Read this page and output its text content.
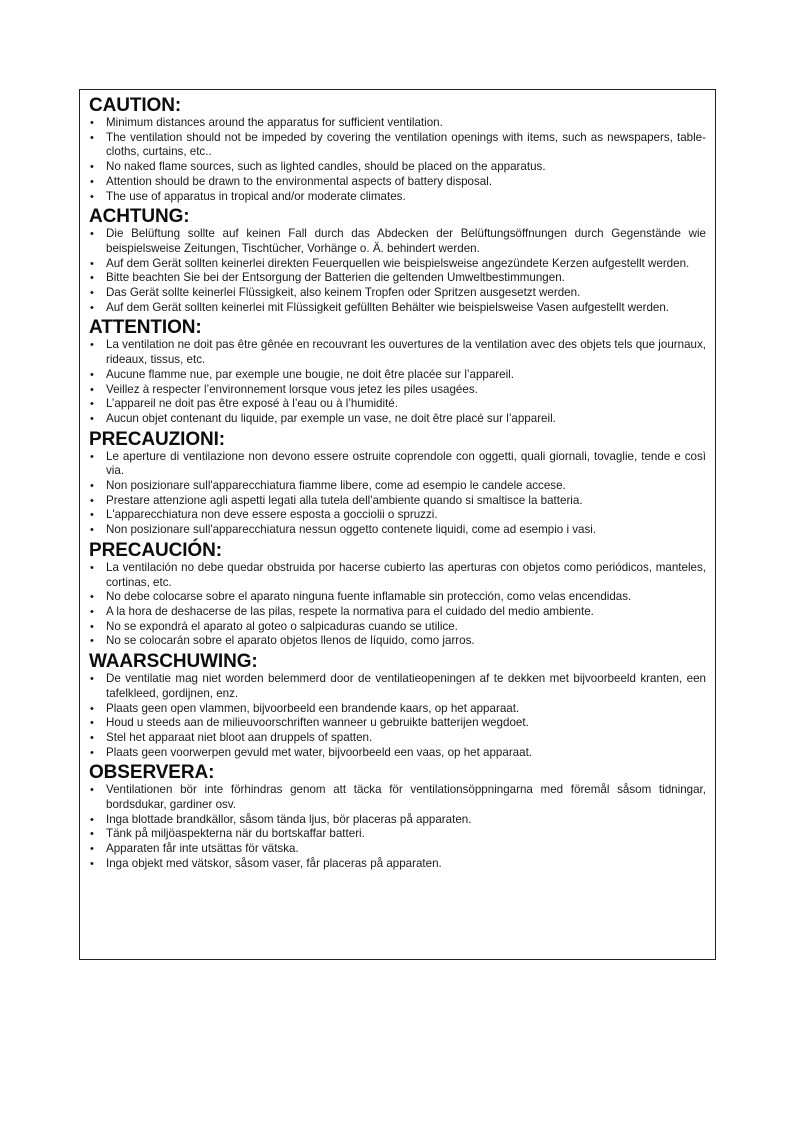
CAUTION:
•	Minimum distances around the apparatus for sufficient ventilation.
•	The ventilation should not be impeded by covering the ventilation openings with items, such as newspapers, table-cloths, curtains, etc..
•	No naked flame sources, such as lighted candles, should be placed on the apparatus.
•	Attention should be drawn to the environmental aspects of battery disposal.
•	The use of apparatus in tropical and/or moderate climates.
ACHTUNG:
•	Die Belüftung sollte auf keinen Fall durch das Abdecken der Belüftungsöffnungen durch Gegenstände wie beispielsweise Zeitungen, Tischtücher, Vorhänge o. Ä. behindert werden.
•	Auf dem Gerät sollten keinerlei direkten Feuerquellen wie beispielsweise angezündete Kerzen aufgestellt werden.
•	Bitte beachten Sie bei der Entsorgung der Batterien die geltenden Umweltbestimmungen.
•	Das Gerät sollte keinerlei Flüssigkeit, also keinem Tropfen oder Spritzen ausgesetzt werden.
•	Auf dem Gerät sollten keinerlei mit Flüssigkeit gefüllten Behälter wie beispielsweise Vasen aufgestellt werden.
ATTENTION:
•	La ventilation ne doit pas être gênée en recouvrant les ouvertures de la ventilation avec des objets tels que journaux, rideaux, tissus, etc.
•	Aucune flamme nue, par exemple une bougie, ne doit être placée sur l’appareil.
•	Veillez à respecter l’environnement lorsque vous jetez les piles usagées.
•	L’appareil ne doit pas être exposé à l’eau ou à l’humidité.
•	Aucun objet contenant du liquide, par exemple un vase, ne doit être placé sur l’appareil.
PRECAUZIONI:
•	Le aperture di ventilazione non devono essere ostruite coprendole con oggetti, quali giornali, tovaglie, tende e così via.
•	Non posizionare sull'apparecchiatura fiamme libere, come ad esempio le candele accese.
•	Prestare attenzione agli aspetti legati alla tutela dell'ambiente quando si smaltisce la batteria.
•	L'apparecchiatura non deve essere esposta a gocciolii o spruzzi.
•	Non posizionare sull'apparecchiatura nessun oggetto contenete liquidi, come ad esempio i vasi.
PRECAUCIÓN:
•	La ventilación no debe quedar obstruida por hacerse cubierto las aperturas con objetos como periódicos, manteles, cortinas, etc.
•	No debe colocarse sobre el aparato ninguna fuente inflamable sin protección, como velas encendidas.
•	A la hora de deshacerse de las pilas, respete la normativa para el cuidado del medio ambiente.
•	No se expondrá el aparato al goteo o salpicaduras cuando se utilice.
•	No se colocarán sobre el aparato objetos llenos de líquido, como jarros.
WAARSCHUWING:
•	De ventilatie mag niet worden belemmerd door de ventilatieopeningen af te dekken met bijvoorbeeld kranten, een tafelkleed, gordijnen, enz.
•	Plaats geen open vlammen, bijvoorbeeld een brandende kaars, op het apparaat.
•	Houd u steeds aan de milieuvoorschriften wanneer u gebruikte batterijen wegdoet.
•	Stel het apparaat niet bloot aan druppels of spatten.
•	Plaats geen voorwerpen gevuld met water, bijvoorbeeld een vaas, op het apparaat.
OBSERVERA:
•	Ventilationen bör inte förhindras genom att täcka för ventilationsöppningarna med föremål såsom tidningar, bordsdukar, gardiner osv.
•	Inga blottade brandkällor, såsom tända ljus, bör placeras på apparaten.
•	Tänk på miljöaspekterna när du bortskaffar batteri.
•	Apparaten får inte utsättas för vätska.
•	Inga objekt med vätskor, såsom vaser, får placeras på apparaten.
